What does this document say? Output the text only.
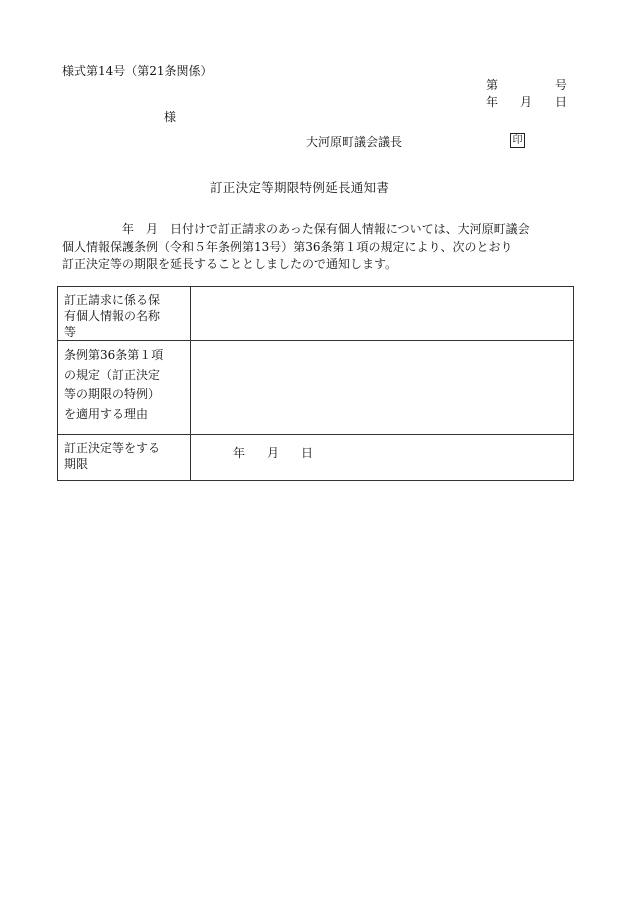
様式第14号（第21条関係）
第	号
年 月 日
様
大河原町議会議長	印
訂正決定等期限特例延長通知書
　　　　　年　月　日付けで訂正請求のあった保有個人情報については、大河原町議会
個人情報保護条例（令和５年条例第13号）第36条第１項の規定により、次のとおり
訂正決定等の期限を延長することとしましたので通知します。
訂正請求に係る保
有個人情報の名称
等	

条例第36条第１項
の規定（訂正決定
等の期限の特例）
を適用する理由	

訂正決定等をする
期限	年 月 日
